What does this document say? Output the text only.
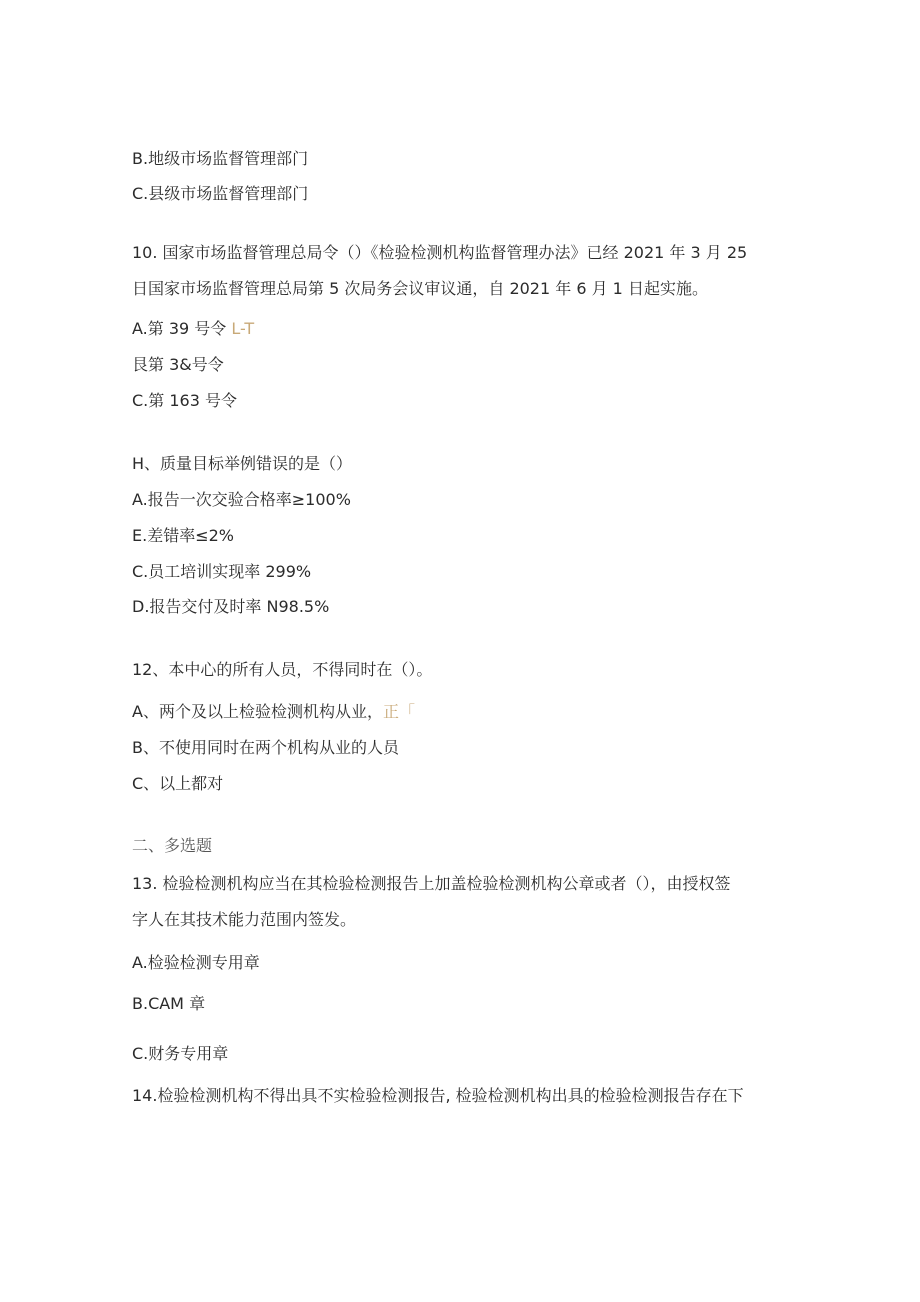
B.地级市场监督管理部门
C.县级市场监督管理部门
10. 国家市场监督管理总局令（）《检验检测机构监督管理办法》已经 2021 年 3 月 25
日国家市场监督管理总局第 5 次局务会议审议通，自 2021 年 6 月 1 日起实施。
A.第 39 号令 L-T
艮第 3&号令
C.第 163 号令
H、质量目标举例错误的是（）
A.报告一次交验合格率≥100%
E.差错率≤2%
C.员工培训实现率 299%
D.报告交付及时率 N98.5%
12、本中心的所有人员，不得同时在（）。
A、两个及以上检验检测机构从业，正「
B、不使用同时在两个机构从业的人员
C、以上都对
二、多选题
13. 检验检测机构应当在其检验检测报告上加盖检验检测机构公章或者（），由授权签
字人在其技术能力范围内签发。
A.检验检测专用章
B.CAM 章
C.财务专用章
14.检验检测机构不得出具不实检验检测报告, 检验检测机构出具的检验检测报告存在下
